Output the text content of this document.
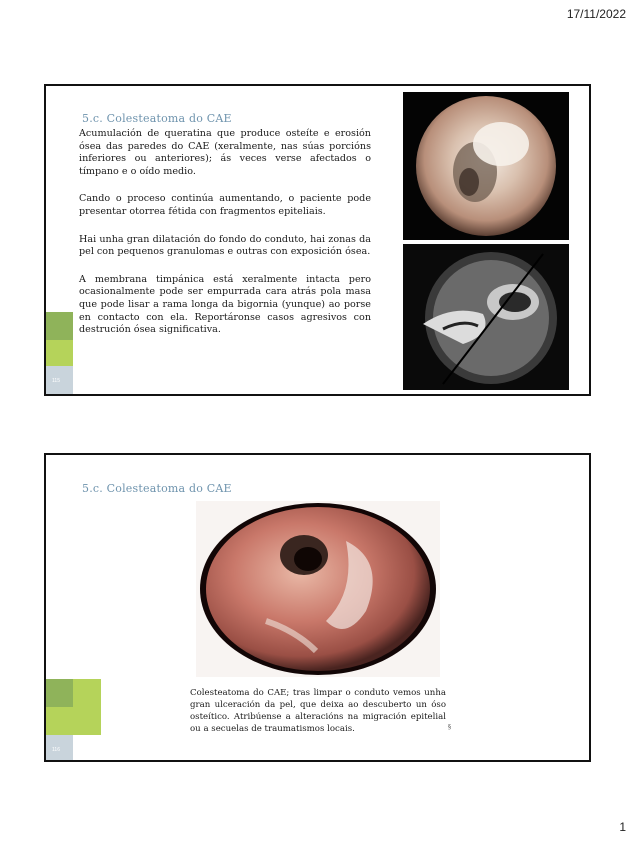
17/11/2022
5.c. Colesteatoma do CAE

Acumulación de queratina que produce osteíte e erosión ósea das paredes do CAE (xeralmente, nas súas porcións inferiores ou anteriores); ás veces verse afectados o tímpano e o oído medio.

Cando o proceso continúa aumentando, o paciente pode presentar otorrea fétida con fragmentos epiteliais.

Hai unha gran dilatación do fondo do conduto, hai zonas da pel con pequenos granulomas e outras con exposición ósea.

A membrana timpánica está xeralmente intacta pero ocasionalmente pode ser empurrada cara atrás pola masa que pode lisar a rama longa da bigornia (yunque) ao porse en contacto con ela. Reportáronse casos agresivos con destrución ósea significativa.

115
5.c. Colesteatoma do CAE
Colesteatoma do CAE; tras limpar o conduto vemos unha gran ulceración da pel, que deixa ao descuberto un óso osteítico. Atribúense a alteracións na migración epitelial ou a secuelas de traumatismos locais.	§
116
1
